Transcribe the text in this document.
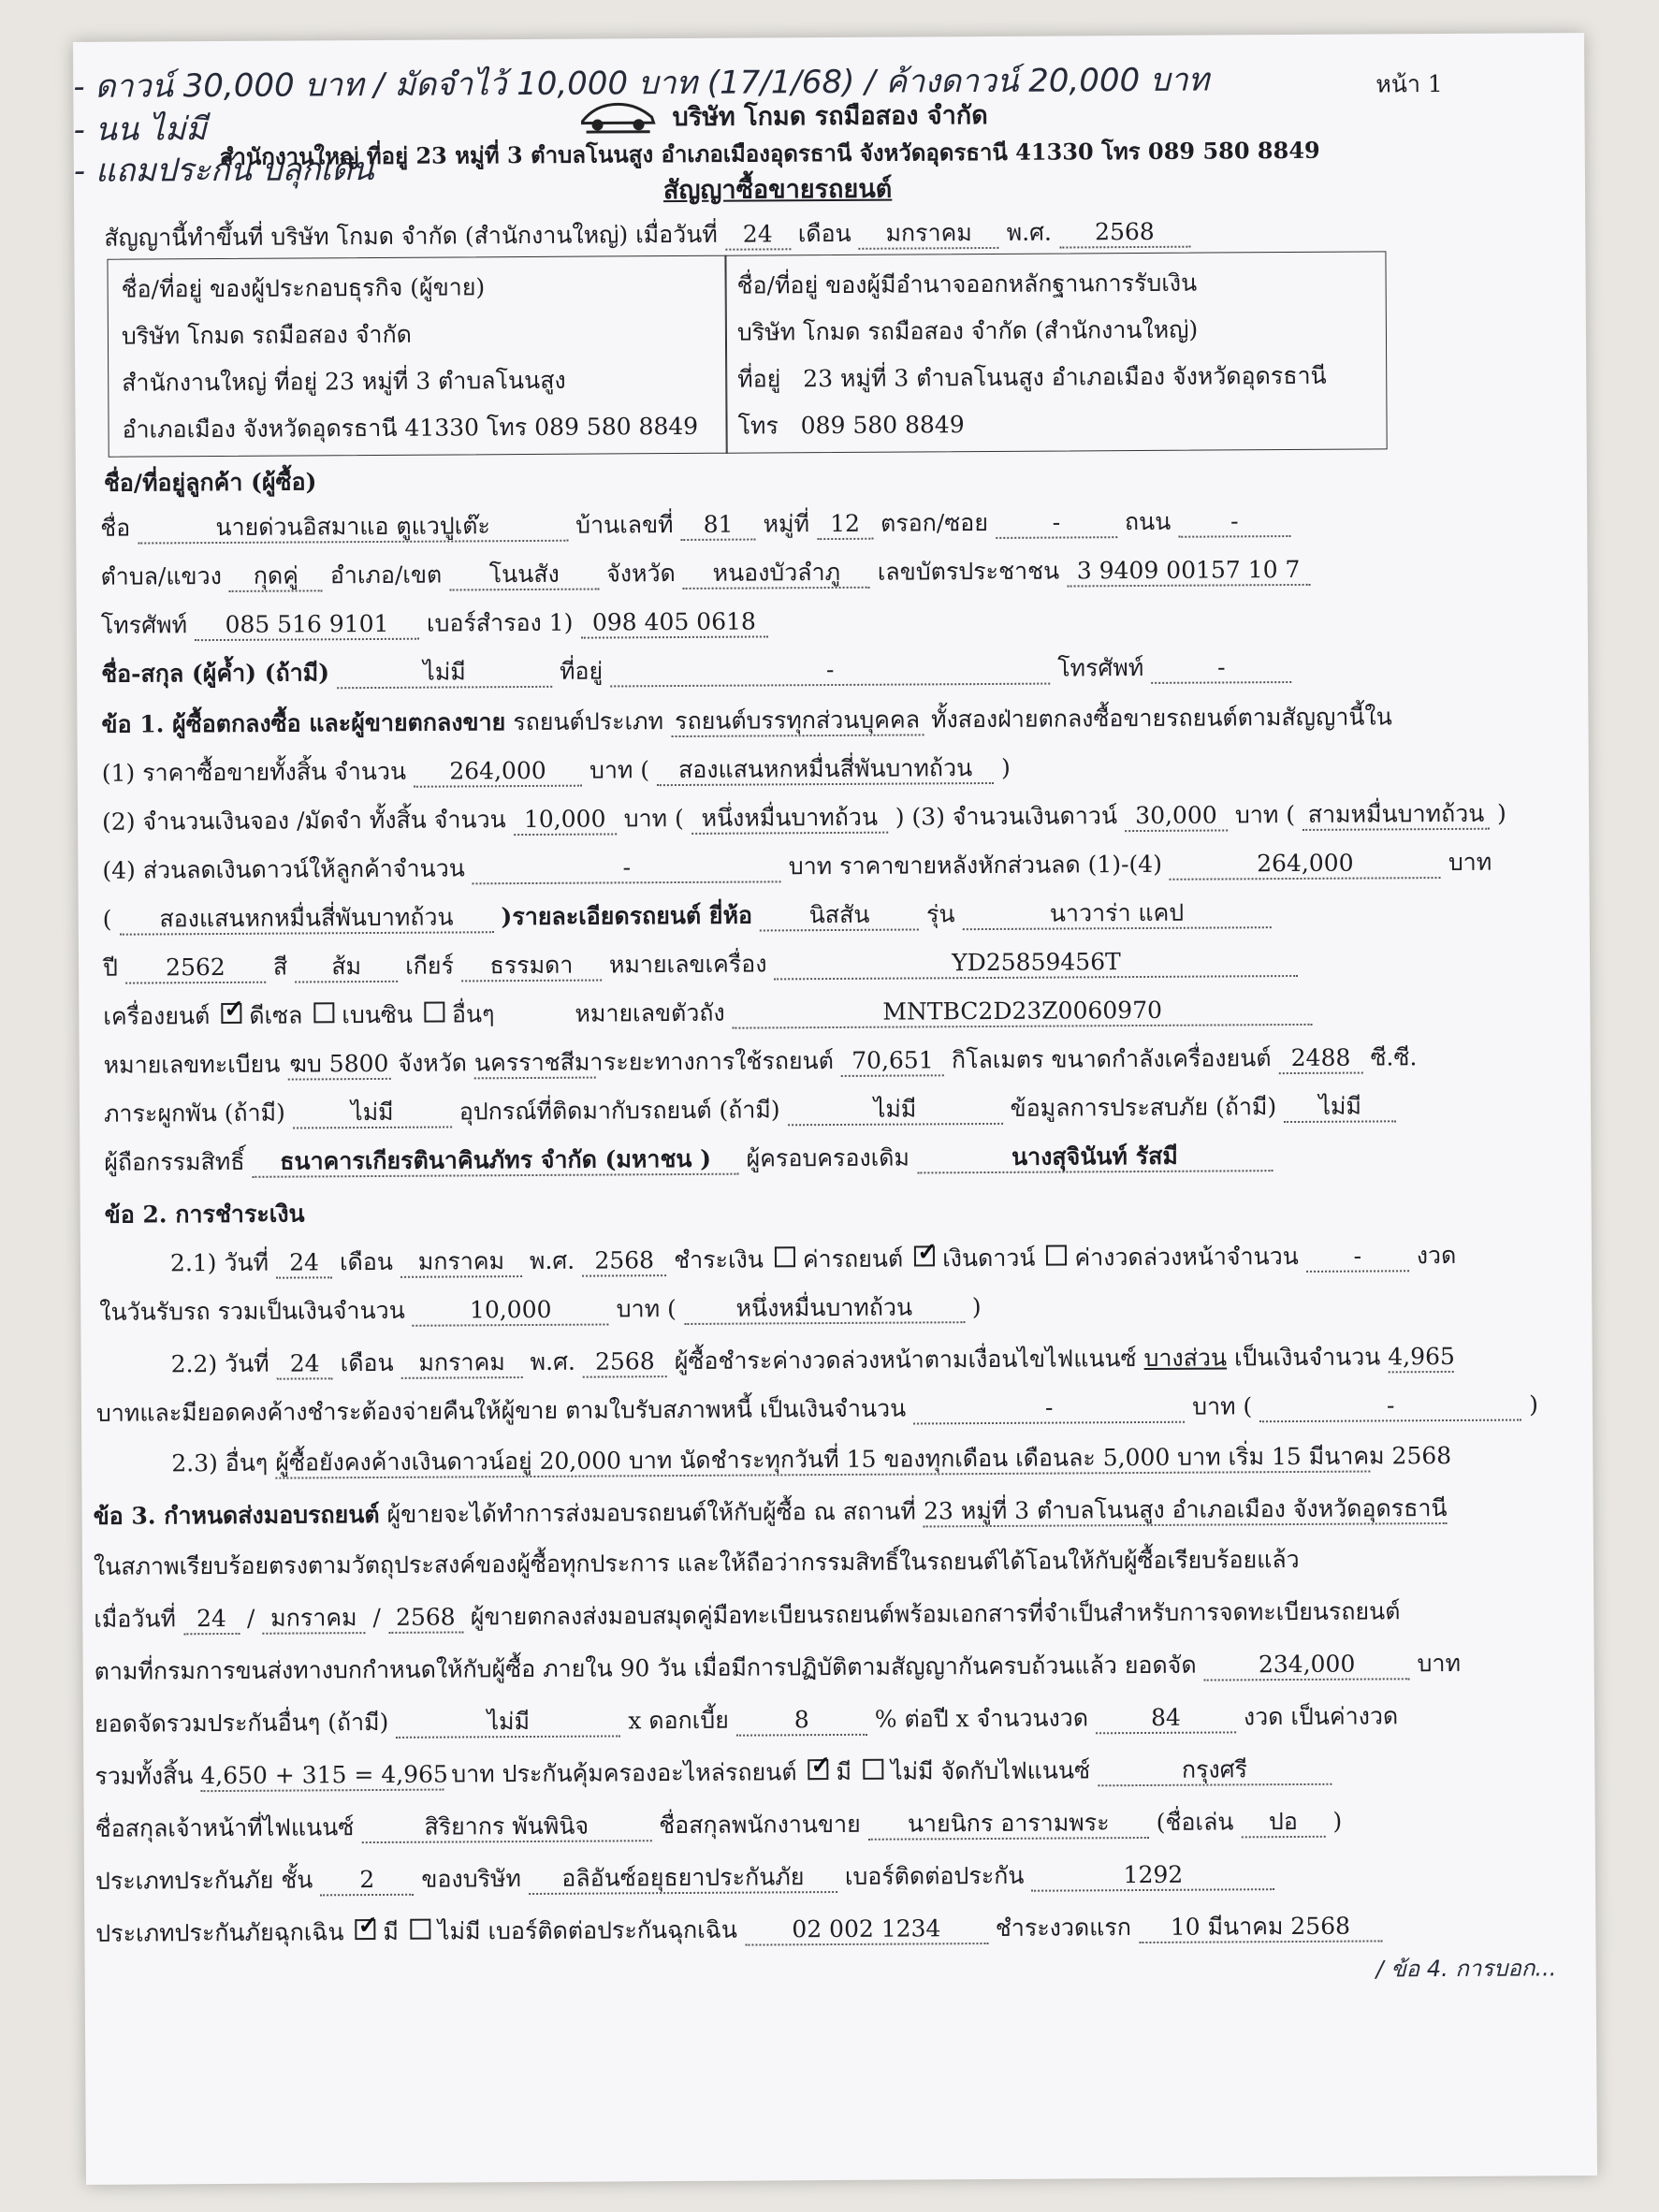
- ดาวน์ 30,000 บาท / มัดจำไว้ 10,000 บาท (17/1/68) / ค้างดาวน์ 20,000 บาท
- นน ไม่มี
- แถมประกัน ปลุกเดิน
หน้า 1
บริษัท โกมด รถมือสอง จำกัด
สำนักงานใหญ่ ที่อยู่ 23 หมู่ที่ 3 ตำบลโนนสูง อำเภอเมืองอุดรธานี จังหวัดอุดรธานี 41330 โทร 089 580 8849
สัญญาซื้อขายรถยนต์
สัญญานี้ทำขึ้นที่ บริษัท โกมด จำกัด (สำนักงานใหญ่) เมื่อวันที่	24	เดือน	มกราคม	พ.ศ.	2568
ชื่อ/ที่อยู่ ของผู้ประกอบธุรกิจ (ผู้ขาย)
บริษัท โกมด รถมือสอง จำกัด
สำนักงานใหญ่ ที่อยู่ 23 หมู่ที่ 3 ตำบลโนนสูง
อำเภอเมือง จังหวัดอุดรธานี 41330 โทร 089 580 8849
ชื่อ/ที่อยู่ ของผู้มีอำนาจออกหลักฐานการรับเงิน
บริษัท โกมด รถมือสอง จำกัด (สำนักงานใหญ่)
ที่อยู่ 23 หมู่ที่ 3 ตำบลโนนสูง อำเภอเมือง จังหวัดอุดรธานี
โทร 089 580 8849
ชื่อ/ที่อยู่ลูกค้า (ผู้ซื้อ)
ชื่อ	นายด่วนอิสมาแอ ตูแวปูเต๊ะ	บ้านเลขที่	81	หมู่ที่ 12 ตรอก/ซอย	-	ถนน	-
ตำบล/แขวง	กุดคู่	อำเภอ/เขต	โนนสัง	จังหวัด	หนองบัวลำภู	เลขบัตรประชาชน 3 9409 00157 10 7
โทรศัพท์	085 516 9101	เบอร์สำรอง 1) 098 405 0618
ชื่อ-สกุล (ผู้ค้ำ) (ถ้ามี)	ไม่มี	ที่อยู่	-	โทรศัพท์	-
ข้อ 1. ผู้ซื้อตกลงซื้อ และผู้ขายตกลงขาย รถยนต์ประเภท รถยนต์บรรทุกส่วนบุคคล ทั้งสองฝ่ายตกลงซื้อขายรถยนต์ตามสัญญานี้ใน
(1) ราคาซื้อขายทั้งสิ้น จำนวน	264,000	บาท (	สองแสนหกหมื่นสี่พันบาทถ้วน	)
(2) จำนวนเงินจอง /มัดจำ ทั้งสิ้น จำนวน 10,000 บาท ( หนึ่งหมื่นบาทถ้วน ) (3) จำนวนเงินดาวน์ 30,000 บาท ( สามหมื่นบาทถ้วน )
(4) ส่วนลดเงินดาวน์ให้ลูกค้าจำนวน	-	บาท ราคาขายหลังหักส่วนลด (1)-(4)	264,000	บาท
(	สองแสนหกหมื่นสี่พันบาทถ้วน	)รายละเอียดรถยนต์ ยี่ห้อ	นิสสัน	รุ่น	นาวาร่า แคป
ปี	2562	สี	ส้ม	เกียร์	ธรรมดา	หมายเลขเครื่อง	YD25859456T
เครื่องยนต์ ✓ ดีเซล เบนซิน อื่นๆ	หมายเลขตัวถัง	MNTBC2D23Z0060970
หมายเลขทะเบียน ฆบ 5800 จังหวัด นครราชสีมา ระยะทางการใช้รถยนต์ 70,651 กิโลเมตร ขนาดกำลังเครื่องยนต์ 2488 ซี.ซี.
ภาระผูกพัน (ถ้ามี)	ไม่มี	อุปกรณ์ที่ติดมากับรถยนต์ (ถ้ามี)	ไม่มี	ข้อมูลการประสบภัย (ถ้ามี)	ไม่มี
ผู้ถือกรรมสิทธิ์	ธนาคารเกียรตินาคินภัทร จำกัด (มหาชน )	ผู้ครอบครองเดิม	นางสุจินันท์ รัสมี
ข้อ 2. การชำระเงิน
2.1) วันที่ 24 เดือน	มกราคม	พ.ศ. 2568 ชำระเงิน ค่ารถยนต์ ✓ เงินดาวน์ ค่างวดล่วงหน้าจำนวน	-	งวด
ในวันรับรถ รวมเป็นเงินจำนวน	10,000	บาท (	หนึ่งหมื่นบาทถ้วน	)
2.2) วันที่ 24 เดือน	มกราคม	พ.ศ. 2568 ผู้ซื้อชำระค่างวดล่วงหน้าตามเงื่อนไขไฟแนนซ์ บางส่วน เป็นเงินจำนวน 4,965
บาทและมียอดคงค้างชำระต้องจ่ายคืนให้ผู้ขาย ตามใบรับสภาพหนี้ เป็นเงินจำนวน	-	บาท (	-	)
2.3) อื่นๆ ผู้ซื้อยังคงค้างเงินดาวน์อยู่ 20,000 บาท นัดชำระทุกวันที่ 15 ของทุกเดือน เดือนละ 5,000 บาท เริ่ม 15 มีนาคม 2568
ข้อ 3. กำหนดส่งมอบรถยนต์ ผู้ขายจะได้ทำการส่งมอบรถยนต์ให้กับผู้ซื้อ ณ สถานที่ 23 หมู่ที่ 3 ตำบลโนนสูง อำเภอเมือง จังหวัดอุดรธานี
ในสภาพเรียบร้อยตรงตามวัตถุประสงค์ของผู้ซื้อทุกประการ และให้ถือว่ากรรมสิทธิ์ในรถยนต์ได้โอนให้กับผู้ซื้อเรียบร้อยแล้ว
เมื่อวันที่ 24 / มกราคม / 2568 ผู้ขายตกลงส่งมอบสมุดคู่มือทะเบียนรถยนต์พร้อมเอกสารที่จำเป็นสำหรับการจดทะเบียนรถยนต์
ตามที่กรมการขนส่งทางบกกำหนดให้กับผู้ซื้อ ภายใน 90 วัน เมื่อมีการปฏิบัติตามสัญญากันครบถ้วนแล้ว ยอดจัด	234,000	บาท
ยอดจัดรวมประกันอื่นๆ (ถ้ามี)	ไม่มี	x ดอกเบี้ย	8	% ต่อปี x จำนวนงวด	84	งวด เป็นค่างวด
รวมทั้งสิ้น 4,650 + 315 = 4,965 บาท ประกันคุ้มครองอะไหล่รถยนต์ ✓ มี ไม่มี จัดกับไฟแนนซ์	กรุงศรี
ชื่อสกุลเจ้าหน้าที่ไฟแนนซ์	สิริยากร พันพินิจ	ชื่อสกุลพนักงานขาย	นายนิกร อารามพระ	(ชื่อเล่น	ปอ	)
ประเภทประกันภัย ชั้น	2	ของบริษัท	อลิอันซ์อยุธยาประกันภัย	เบอร์ติดต่อประกัน	1292
ประเภทประกันภัยฉุกเฉิน ✓ มี ไม่มี เบอร์ติดต่อประกันฉุกเฉิน	02 002 1234	ชำระงวดแรก	10 มีนาคม 2568
/ ข้อ 4. การบอก...
